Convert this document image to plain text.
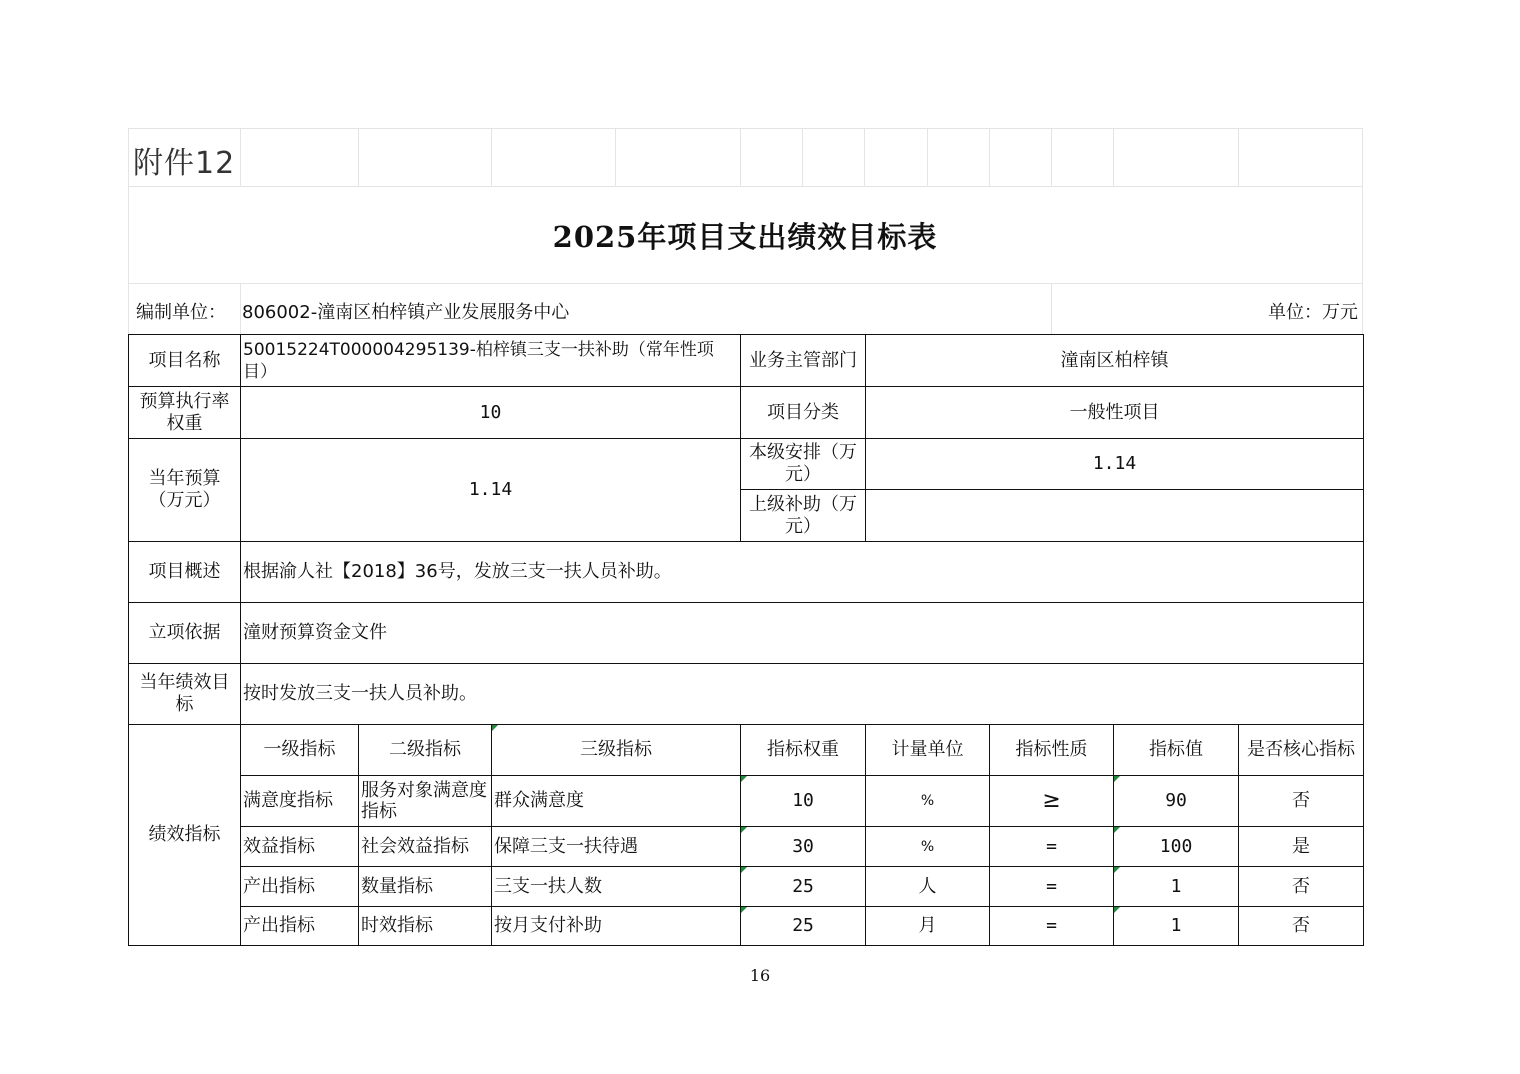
附件12
2025年项目支出绩效目标表
编制单位： 806002-潼南区柏梓镇产业发展服务中心	单位：万元
项目名称	50015224T000004295139-柏梓镇三支一扶补助（常年性项目）			业务主管部门	潼南区柏梓镇			
预算执行率权重	10			项目分类	一般性项目			
当年预算（万元）	1.14			本级安排（万元）	1.14			
				上级补助（万元）				
项目概述	根据渝人社【2018】36号，发放三支一扶人员补助。							
立项依据	潼财预算资金文件							
当年绩效目标	按时发放三支一扶人员补助。							
绩效指标	一级指标	二级指标	三级指标	指标权重	计量单位	指标性质	指标值	是否核心指标
	满意度指标	服务对象满意度指标	群众满意度	10	%	≥	90	否
	效益指标	社会效益指标	保障三支一扶待遇	30	%	=	100	是
	产出指标	数量指标	三支一扶人数	25	人	=	1	否
	产出指标	时效指标	按月支付补助	25	月	=	1	否
16
